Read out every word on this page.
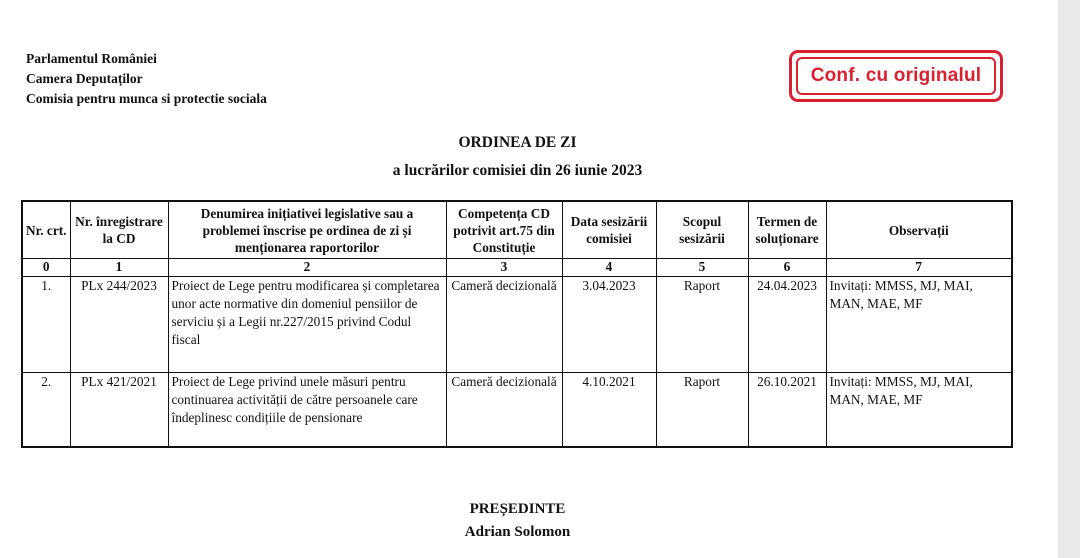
Parlamentul României
Camera Deputaților
Comisia pentru munca si protectie sociala
Conf. cu originalul
ORDINEA DE ZI
a lucrărilor comisiei din 26 iunie 2023
Nr. crt.	Nr. înregistrare la CD	Denumirea inițiativei legislative sau a problemei înscrise pe ordinea de zi și menționarea raportorilor	Competența CD potrivit art.75 din Constituție	Data sesizării comisiei	Scopul sesizării	Termen de soluționare	Observații
0	1	2	3	4	5	6	7
1.	PLx 244/2023	Proiect de Lege pentru modificarea și completarea unor acte normative din domeniul pensiilor de serviciu și a Legii nr.227/2015 privind Codul fiscal	Cameră decizională	3.04.2023	Raport	24.04.2023	Invitați: MMSS, MJ, MAI, MAN, MAE, MF
2.	PLx 421/2021	Proiect de Lege privind unele măsuri pentru continuarea activității de către persoanele care îndeplinesc condițiile de pensionare	Cameră decizională	4.10.2021	Raport	26.10.2021	Invitați: MMSS, MJ, MAI, MAN, MAE, MF
PREȘEDINTE
Adrian Solomon
